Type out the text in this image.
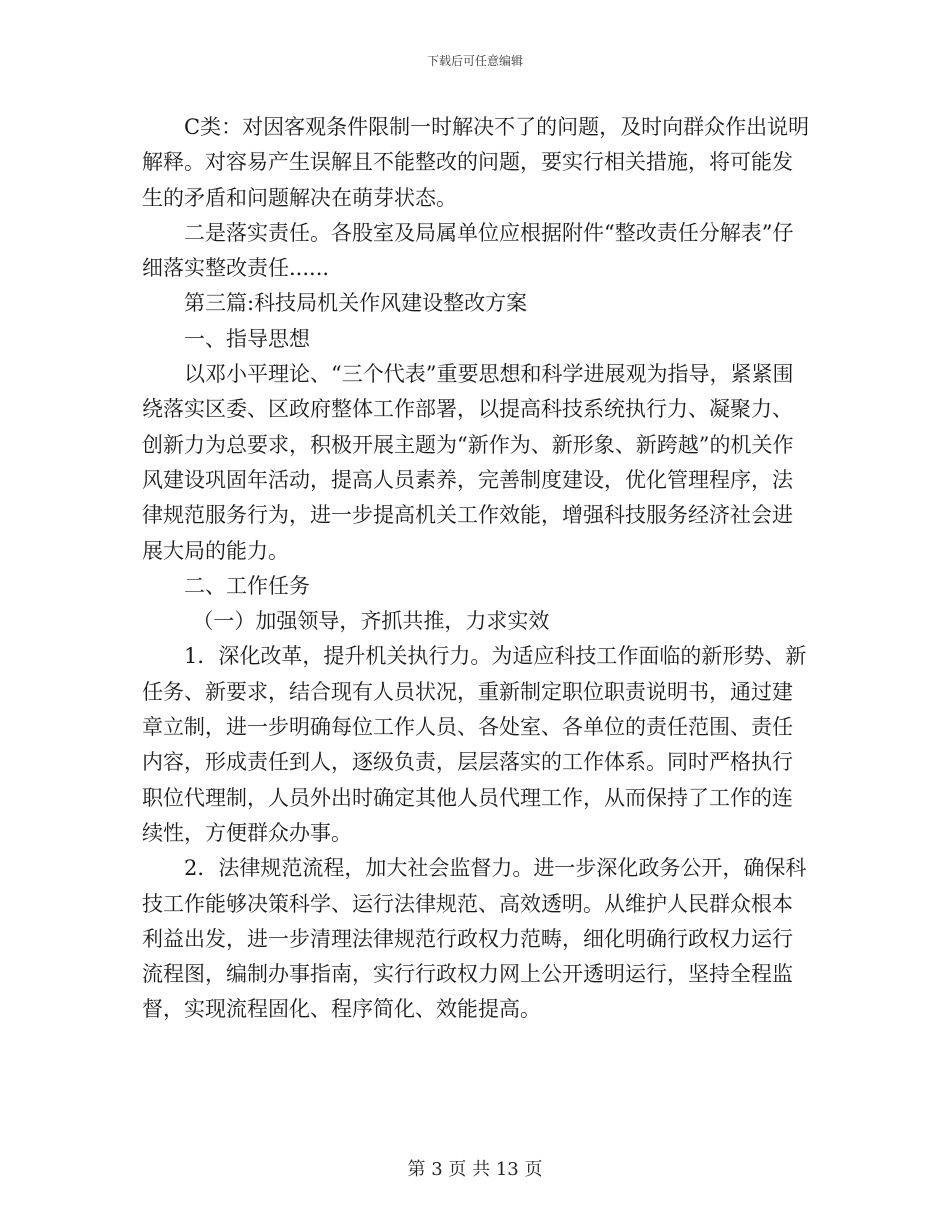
下载后可任意编辑

C类：对因客观条件限制一时解决不了的问题，及时向群众作出说明解释。对容易产生误解且不能整改的问题，要实行相关措施，将可能发生的矛盾和问题解决在萌芽状态。

二是落实责任。各股室及局属单位应根据附件“整改责任分解表”仔细落实整改责任......

第三篇:科技局机关作风建设整改方案

一、指导思想

以邓小平理论、“三个代表”重要思想和科学进展观为指导，紧紧围绕落实区委、区政府整体工作部署，以提高科技系统执行力、凝聚力、创新力为总要求，积极开展主题为“新作为、新形象、新跨越”的机关作风建设巩固年活动，提高人员素养，完善制度建设，优化管理程序，法律规范服务行为，进一步提高机关工作效能，增强科技服务经济社会进展大局的能力。

二、工作任务

（一）加强领导，齐抓共推，力求实效

1．深化改革，提升机关执行力。为适应科技工作面临的新形势、新任务、新要求，结合现有人员状况，重新制定职位职责说明书，通过建章立制，进一步明确每位工作人员、各处室、各单位的责任范围、责任内容，形成责任到人，逐级负责，层层落实的工作体系。同时严格执行职位代理制，人员外出时确定其他人员代理工作，从而保持了工作的连续性，方便群众办事。

2．法律规范流程，加大社会监督力。进一步深化政务公开，确保科技工作能够决策科学、运行法律规范、高效透明。从维护人民群众根本利益出发，进一步清理法律规范行政权力范畴，细化明确行政权力运行流程图，编制办事指南，实行行政权力网上公开透明运行，坚持全程监督，实现流程固化、程序简化、效能提高。

第 3 页 共 13 页
